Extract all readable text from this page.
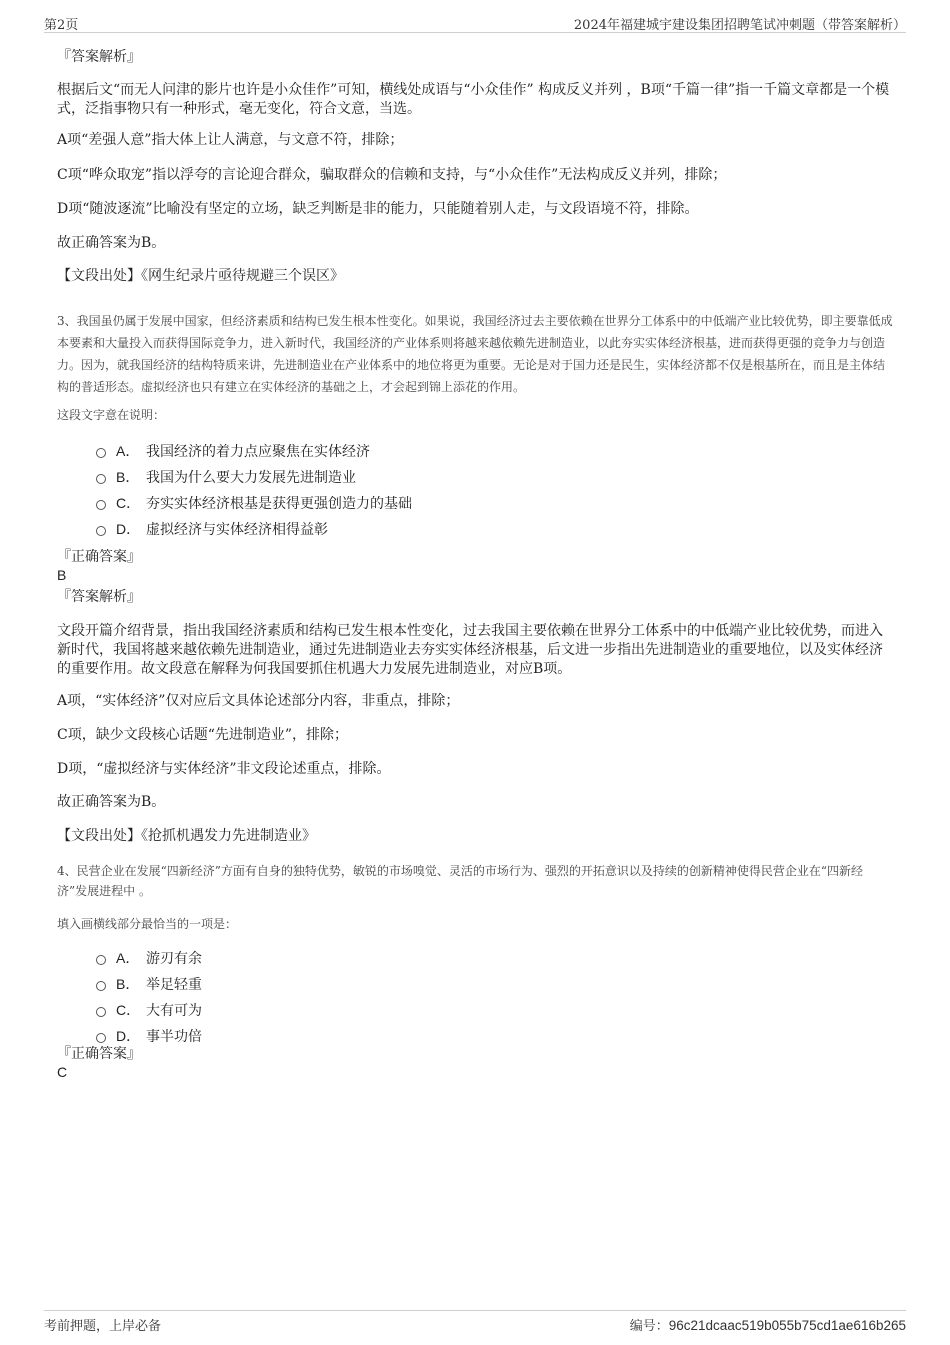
第2页	2024年福建城宇建设集团招聘笔试冲刺题（带答案解析）
『答案解析』

根据后文“而无人问津的影片也许是小众佳作”可知，横线处成语与“小众佳作” 构成反义并列 ，B项“千篇一律”指一千篇文章都是一个模式，泛指事物只有一种形式，毫无变化，符合文意，当选。

A项“差强人意”指大体上让人满意，与文意不符，排除；

C项“哗众取宠”指以浮夸的言论迎合群众，骗取群众的信赖和支持，与“小众佳作”无法构成反义并列，排除；

D项“随波逐流”比喻没有坚定的立场，缺乏判断是非的能力，只能随着别人走，与文段语境不符，排除。

故正确答案为B。

【文段出处】《网生纪录片亟待规避三个误区》

3、我国虽仍属于发展中国家，但经济素质和结构已发生根本性变化。如果说，我国经济过去主要依赖在世界分工体系中的中低端产业比较优势，即主要靠低成本要素和大量投入而获得国际竞争力，进入新时代，我国经济的产业体系则将越来越依赖先进制造业，以此夯实实体经济根基，进而获得更强的竞争力与创造力。因为，就我国经济的结构特质来讲，先进制造业在产业体系中的地位将更为重要。无论是对于国力还是民生，实体经济都不仅是根基所在，而且是主体结构的普适形态。虚拟经济也只有建立在实体经济的基础之上，才会起到锦上添花的作用。

这段文字意在说明：

A． 我国经济的着力点应聚焦在实体经济
B． 我国为什么要大力发展先进制造业
C． 夯实实体经济根基是获得更强创造力的基础
D． 虚拟经济与实体经济相得益彰
『正确答案』
B
『答案解析』

文段开篇介绍背景，指出我国经济素质和结构已发生根本性变化，过去我国主要依赖在世界分工体系中的中低端产业比较优势，而进入新时代，我国将越来越依赖先进制造业，通过先进制造业去夯实实体经济根基，后文进一步指出先进制造业的重要地位，以及实体经济的重要作用。故文段意在解释为何我国要抓住机遇大力发展先进制造业，对应B项。

A项，“实体经济”仅对应后文具体论述部分内容，非重点，排除；

C项，缺少文段核心话题“先进制造业”，排除；

D项，“虚拟经济与实体经济”非文段论述重点，排除。

故正确答案为B。

【文段出处】《抢抓机遇发力先进制造业》

4、民营企业在发展“四新经济”方面有自身的独特优势，敏锐的市场嗅觉、灵活的市场行为、强烈的开拓意识以及持续的创新精神使得民营企业在“四新经济”发展进程中 。

填入画横线部分最恰当的一项是：

A． 游刃有余
B． 举足轻重
C． 大有可为
D． 事半功倍
『正确答案』
C
考前押题，上岸必备	编号：96c21dcaac519b055b75cd1ae616b265
